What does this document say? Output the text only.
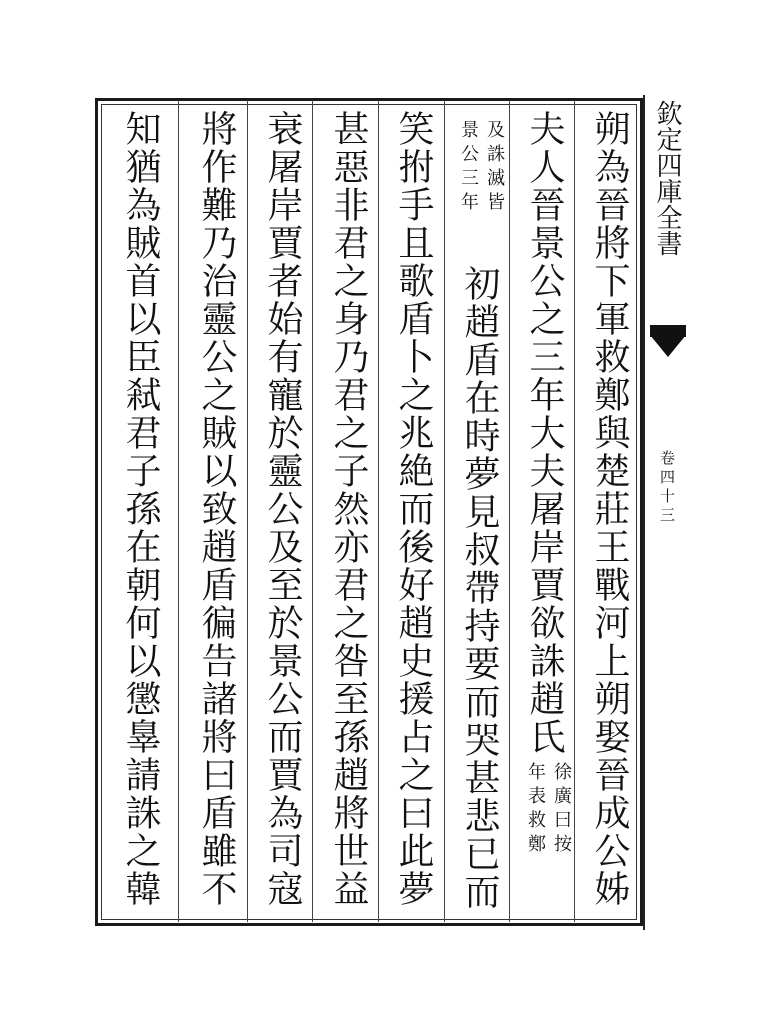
欽定四庫全書
卷四十三
朔為晉將下軍救鄭與楚莊王戰河上朔娶晉成公姊
夫人晉景公之三年大夫屠岸賈欲誅趙氏
徐廣曰按
年表救鄭
及誅滅皆
景公三年
初趙盾在時夢見叔帶持要而哭甚悲已而
笑拊手且歌盾卜之兆絶而後好趙史援占之曰此夢
甚惡非君之身乃君之子然亦君之咎至孫趙將世益
衰屠岸賈者始有寵於靈公及至於景公而賈為司寇
將作難乃治靈公之賊以致趙盾徧告諸將曰盾雖不
知猶為賊首以臣弒君子孫在朝何以懲辠請誅之韓
